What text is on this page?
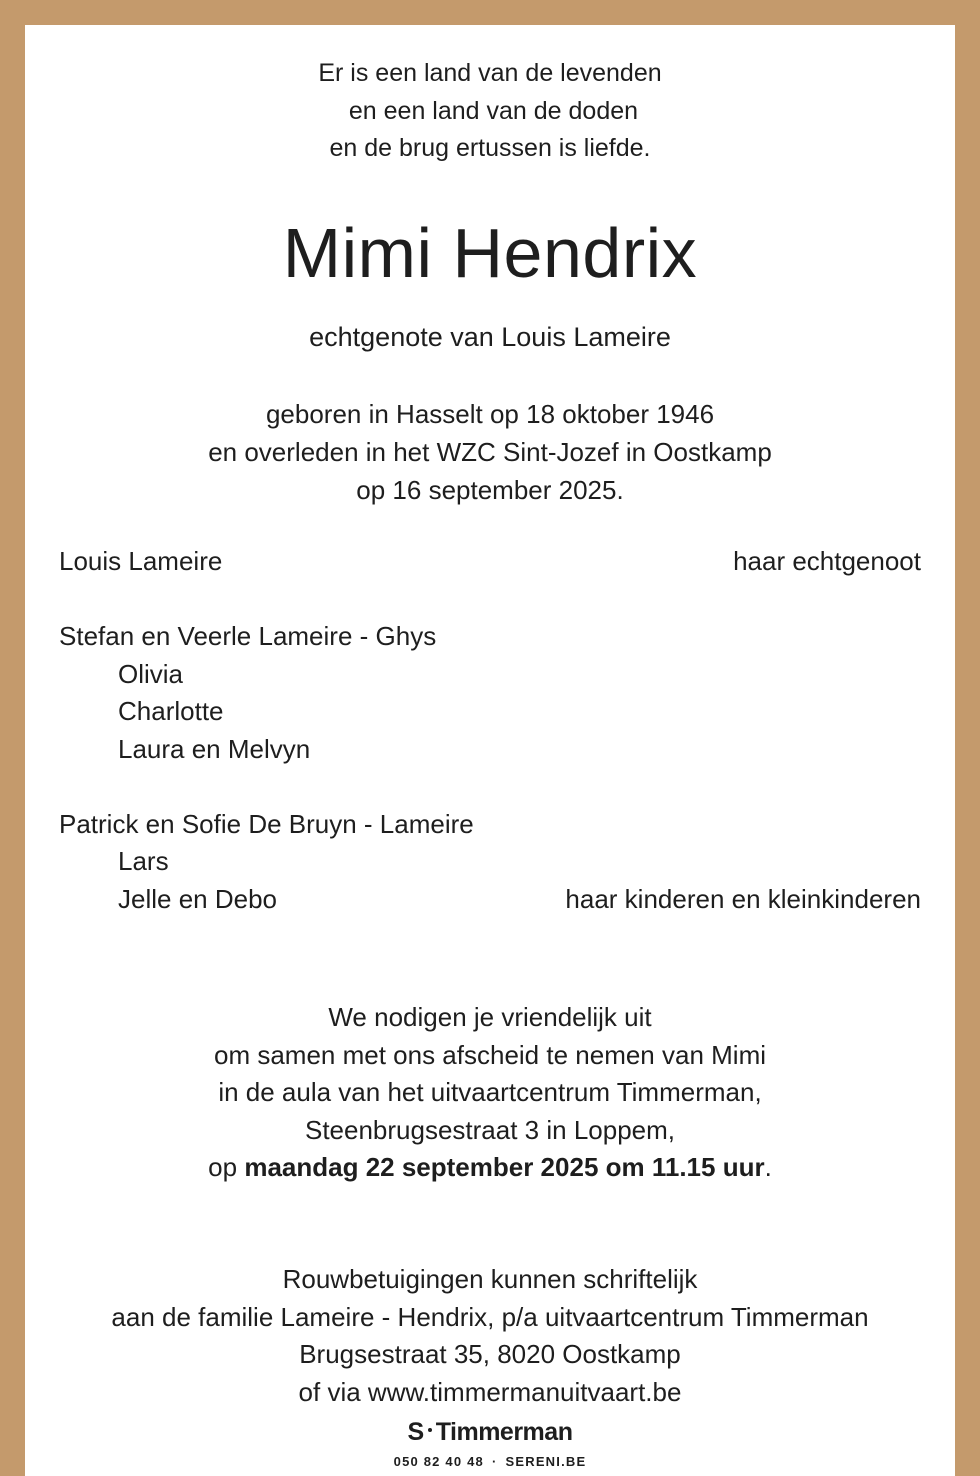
Er is een land van de levenden
en een land van de doden
en de brug ertussen is liefde.
Mimi Hendrix
echtgenote van Louis Lameire
geboren in Hasselt op 18 oktober 1946
en overleden in het WZC Sint-Jozef in Oostkamp
op 16 september 2025.
Louis Lameire	haar echtgenoot
Stefan en Veerle Lameire - Ghys
Olivia
Charlotte
Laura en Melvyn
Patrick en Sofie De Bruyn - Lameire
Lars
Jelle en Debo	haar kinderen en kleinkinderen
We nodigen je vriendelijk uit
om samen met ons afscheid te nemen van Mimi
in de aula van het uitvaartcentrum Timmerman,
Steenbrugsestraat 3 in Loppem,
op maandag 22 september 2025 om 11.15 uur.
Rouwbetuigingen kunnen schriftelijk
aan de familie Lameire - Hendrix, p/a uitvaartcentrum Timmerman
Brugsestraat 35, 8020 Oostkamp
of via www.timmermanuitvaart.be
S Timmerman
050 82 40 48 · SERENI.BE
